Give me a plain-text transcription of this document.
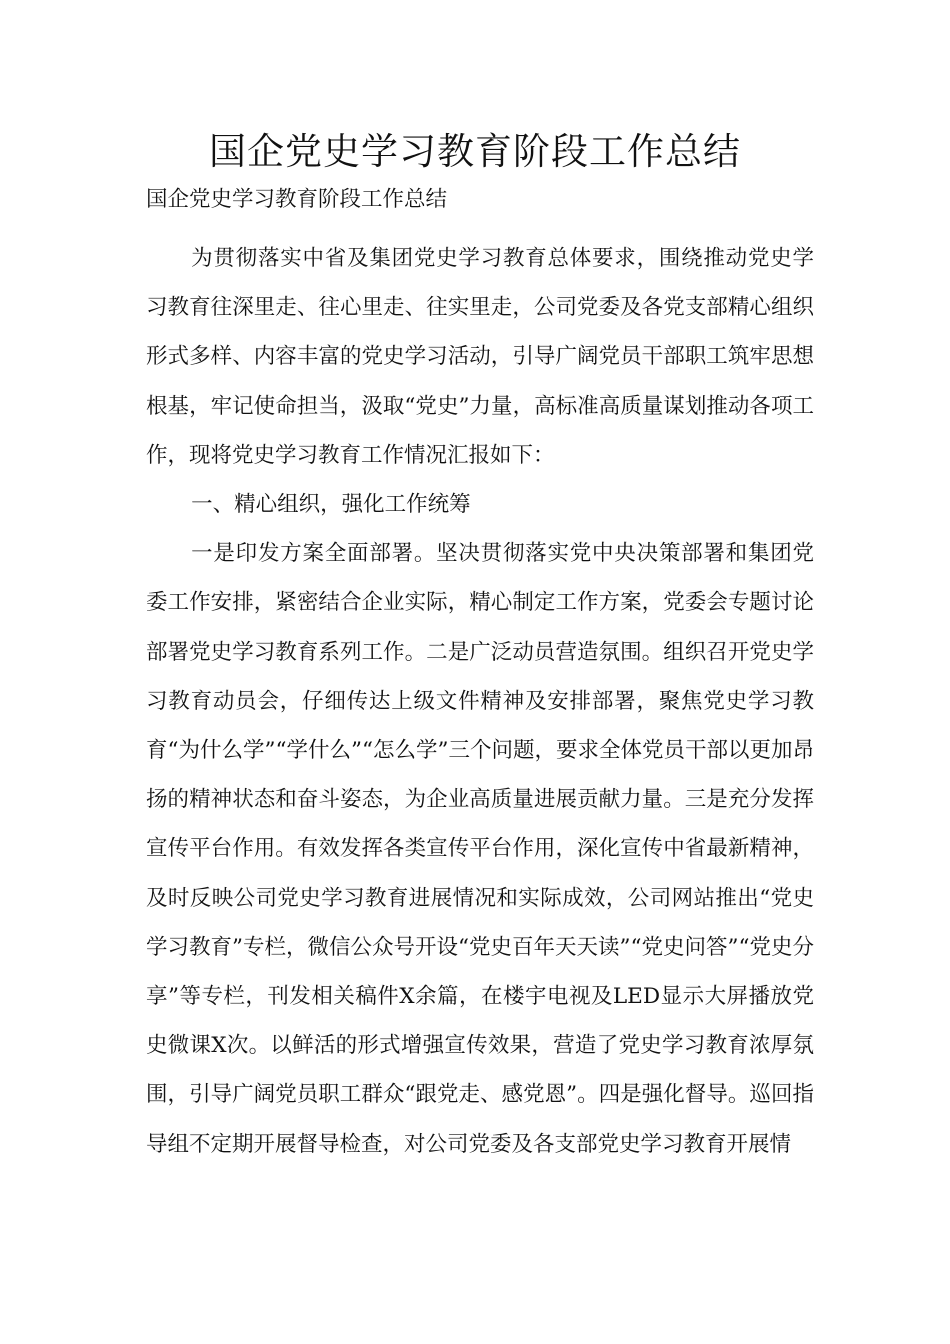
国企党史学习教育阶段工作总结
国企党史学习教育阶段工作总结

为贯彻落实中省及集团党史学习教育总体要求，围绕推动党史学习教育往深里走、往心里走、往实里走，公司党委及各党支部精心组织形式多样、内容丰富的党史学习活动，引导广阔党员干部职工筑牢思想根基，牢记使命担当，汲取“党史”力量，高标准高质量谋划推动各项工作，现将党史学习教育工作情况汇报如下：

一、精心组织，强化工作统筹

一是印发方案全面部署。坚决贯彻落实党中央决策部署和集团党委工作安排，紧密结合企业实际，精心制定工作方案，党委会专题讨论部署党史学习教育系列工作。二是广泛动员营造氛围。组织召开党史学习教育动员会，仔细传达上级文件精神及安排部署，聚焦党史学习教育“为什么学”“学什么”“怎么学”三个问题，要求全体党员干部以更加昂扬的精神状态和奋斗姿态，为企业高质量进展贡献力量。三是充分发挥宣传平台作用。有效发挥各类宣传平台作用，深化宣传中省最新精神，及时反映公司党史学习教育进展情况和实际成效，公司网站推出“党史学习教育”专栏，微信公众号开设“党史百年天天读”“党史问答”“党史分享”等专栏，刊发相关稿件X余篇，在楼宇电视及LED显示大屏播放党史微课X次。以鲜活的形式增强宣传效果，营造了党史学习教育浓厚氛围，引导广阔党员职工群众“跟党走、感党恩”。四是强化督导。巡回指导组不定期开展督导检查，对公司党委及各支部党史学习教育开展情
